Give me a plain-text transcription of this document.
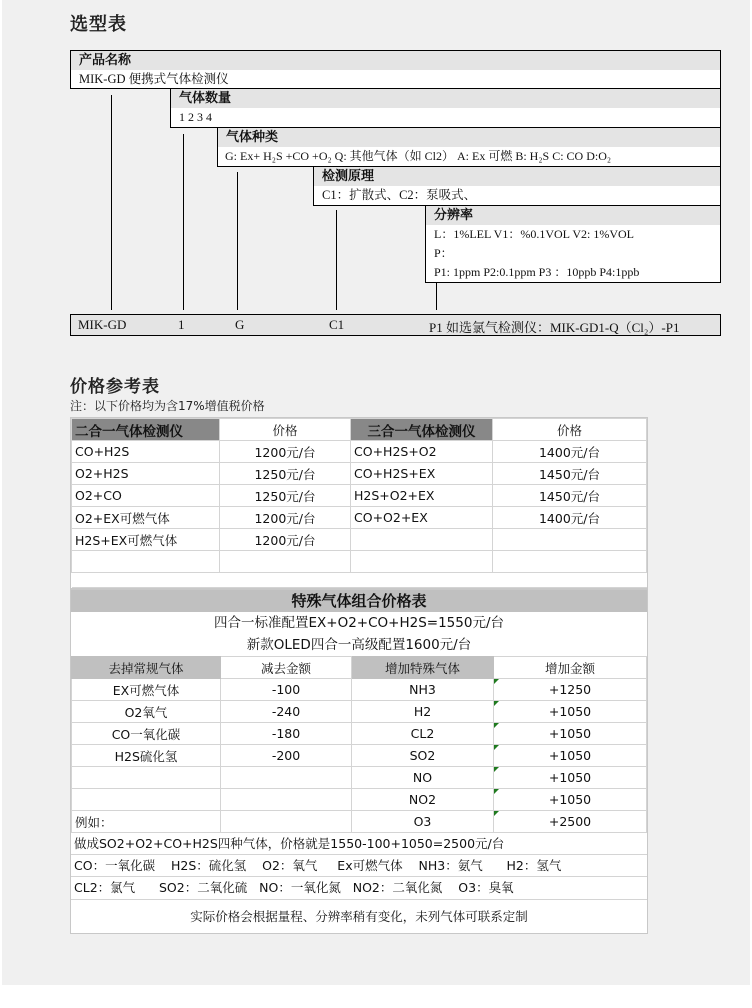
选型表
产品名称
MIK-GD 便携式气体检测仪
气体数量
1 2 3 4
气体种类
G: Ex+ H₂S +CO +O₂ Q: 其他气体（如 Cl2） A: Ex 可燃 B: H₂S C: CO D:O₂
检测原理
C1：扩散式、C2：泵吸式、
分辨率
L：1%LEL V1：%0.1VOL V2: 1%VOL
P：
P1: 1ppm P2:0.1ppm P3 ：10ppb P4:1ppb
MIK-GD	1	G	C1	P1 如选氯气检测仪：MIK-GD1-Q（Cl₂）-P1
价格参考表
注：以下价格均为含17%增值税价格
二合一气体检测仪	价格	三合一气体检测仪	价格
CO+H2S	1200元/台	CO+H2S+O2	1400元/台
O2+H2S	1250元/台	CO+H2S+EX	1450元/台
O2+CO	1250元/台	H2S+O2+EX	1450元/台
O2+EX可燃气体	1200元/台	CO+O2+EX	1400元/台
H2S+EX可燃气体	1200元/台		

特殊气体组合价格表
四合一标准配置EX+O2+CO+H2S=1550元/台
新款OLED四合一高级配置1600元/台
去掉常规气体	减去金额	增加特殊气体	增加金额
EX可燃气体	-100	NH3	+1250
O2氧气	-240	H2	+1050
CO一氧化碳	-180	CL2	+1050
H2S硫化氢	-200	SO2	+1050
		NO	+1050
		NO2	+1050
例如：		O3	+2500
做成SO2+O2+CO+H2S四种气体，价格就是1550-100+1050=2500元/台
CO：一氧化碳    H2S：硫化氢    O2：氧气     Ex可燃气体    NH3：氨气      H2：氢气
CL2：氯气      SO2：二氧化硫   NO：一氧化氮   NO2：二氧化氮    O3：臭氧
实际价格会根据量程、分辨率稍有变化，未列气体可联系定制
